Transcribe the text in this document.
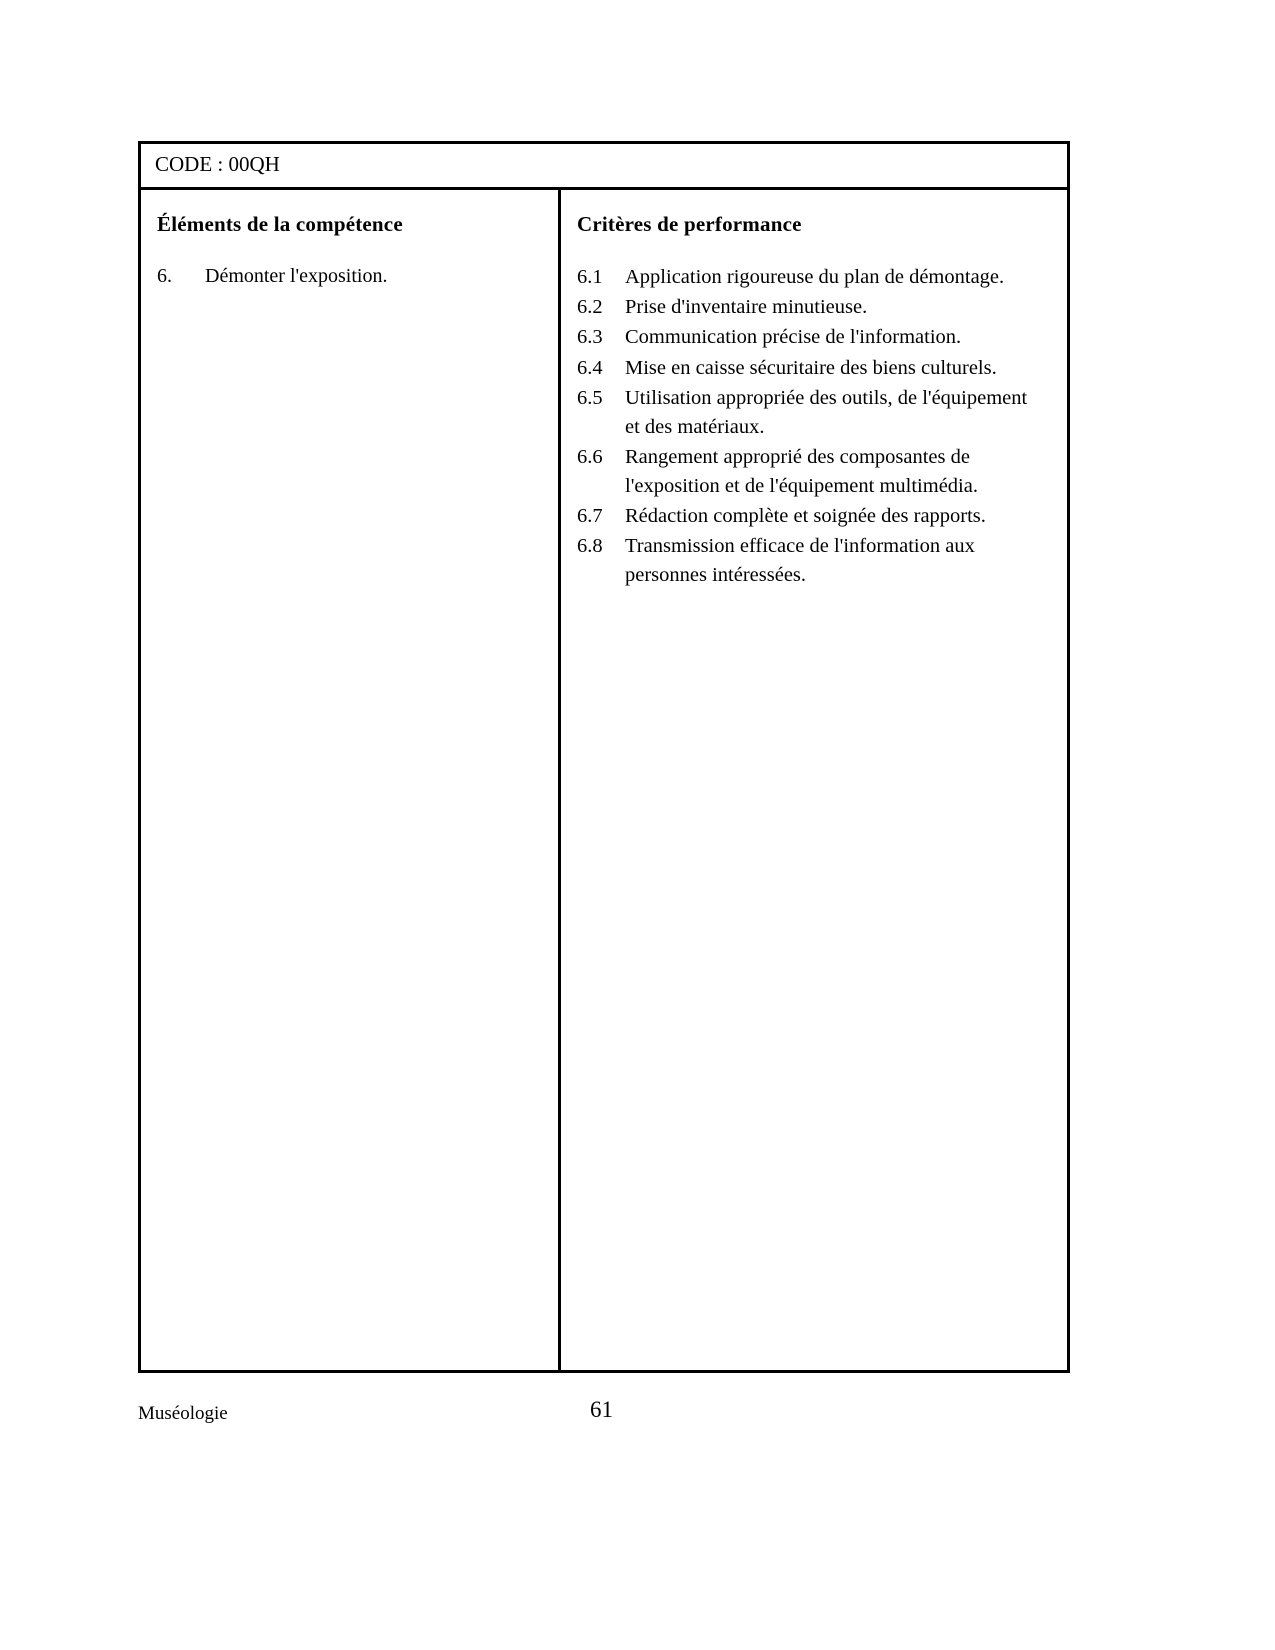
CODE : 00QH
Éléments de la compétence
6.	Démonter l'exposition.
Critères de performance
6.1	Application rigoureuse du plan de démontage.
6.2	Prise d'inventaire minutieuse.
6.3	Communication précise de l'information.
6.4	Mise en caisse sécuritaire des biens culturels.
6.5	Utilisation appropriée des outils, de l'équipement et des matériaux.
6.6	Rangement approprié des composantes de l'exposition et de l'équipement multimédia.
6.7	Rédaction complète et soignée des rapports.
6.8	Transmission efficace de l'information aux personnes intéressées.
Muséologie	61
